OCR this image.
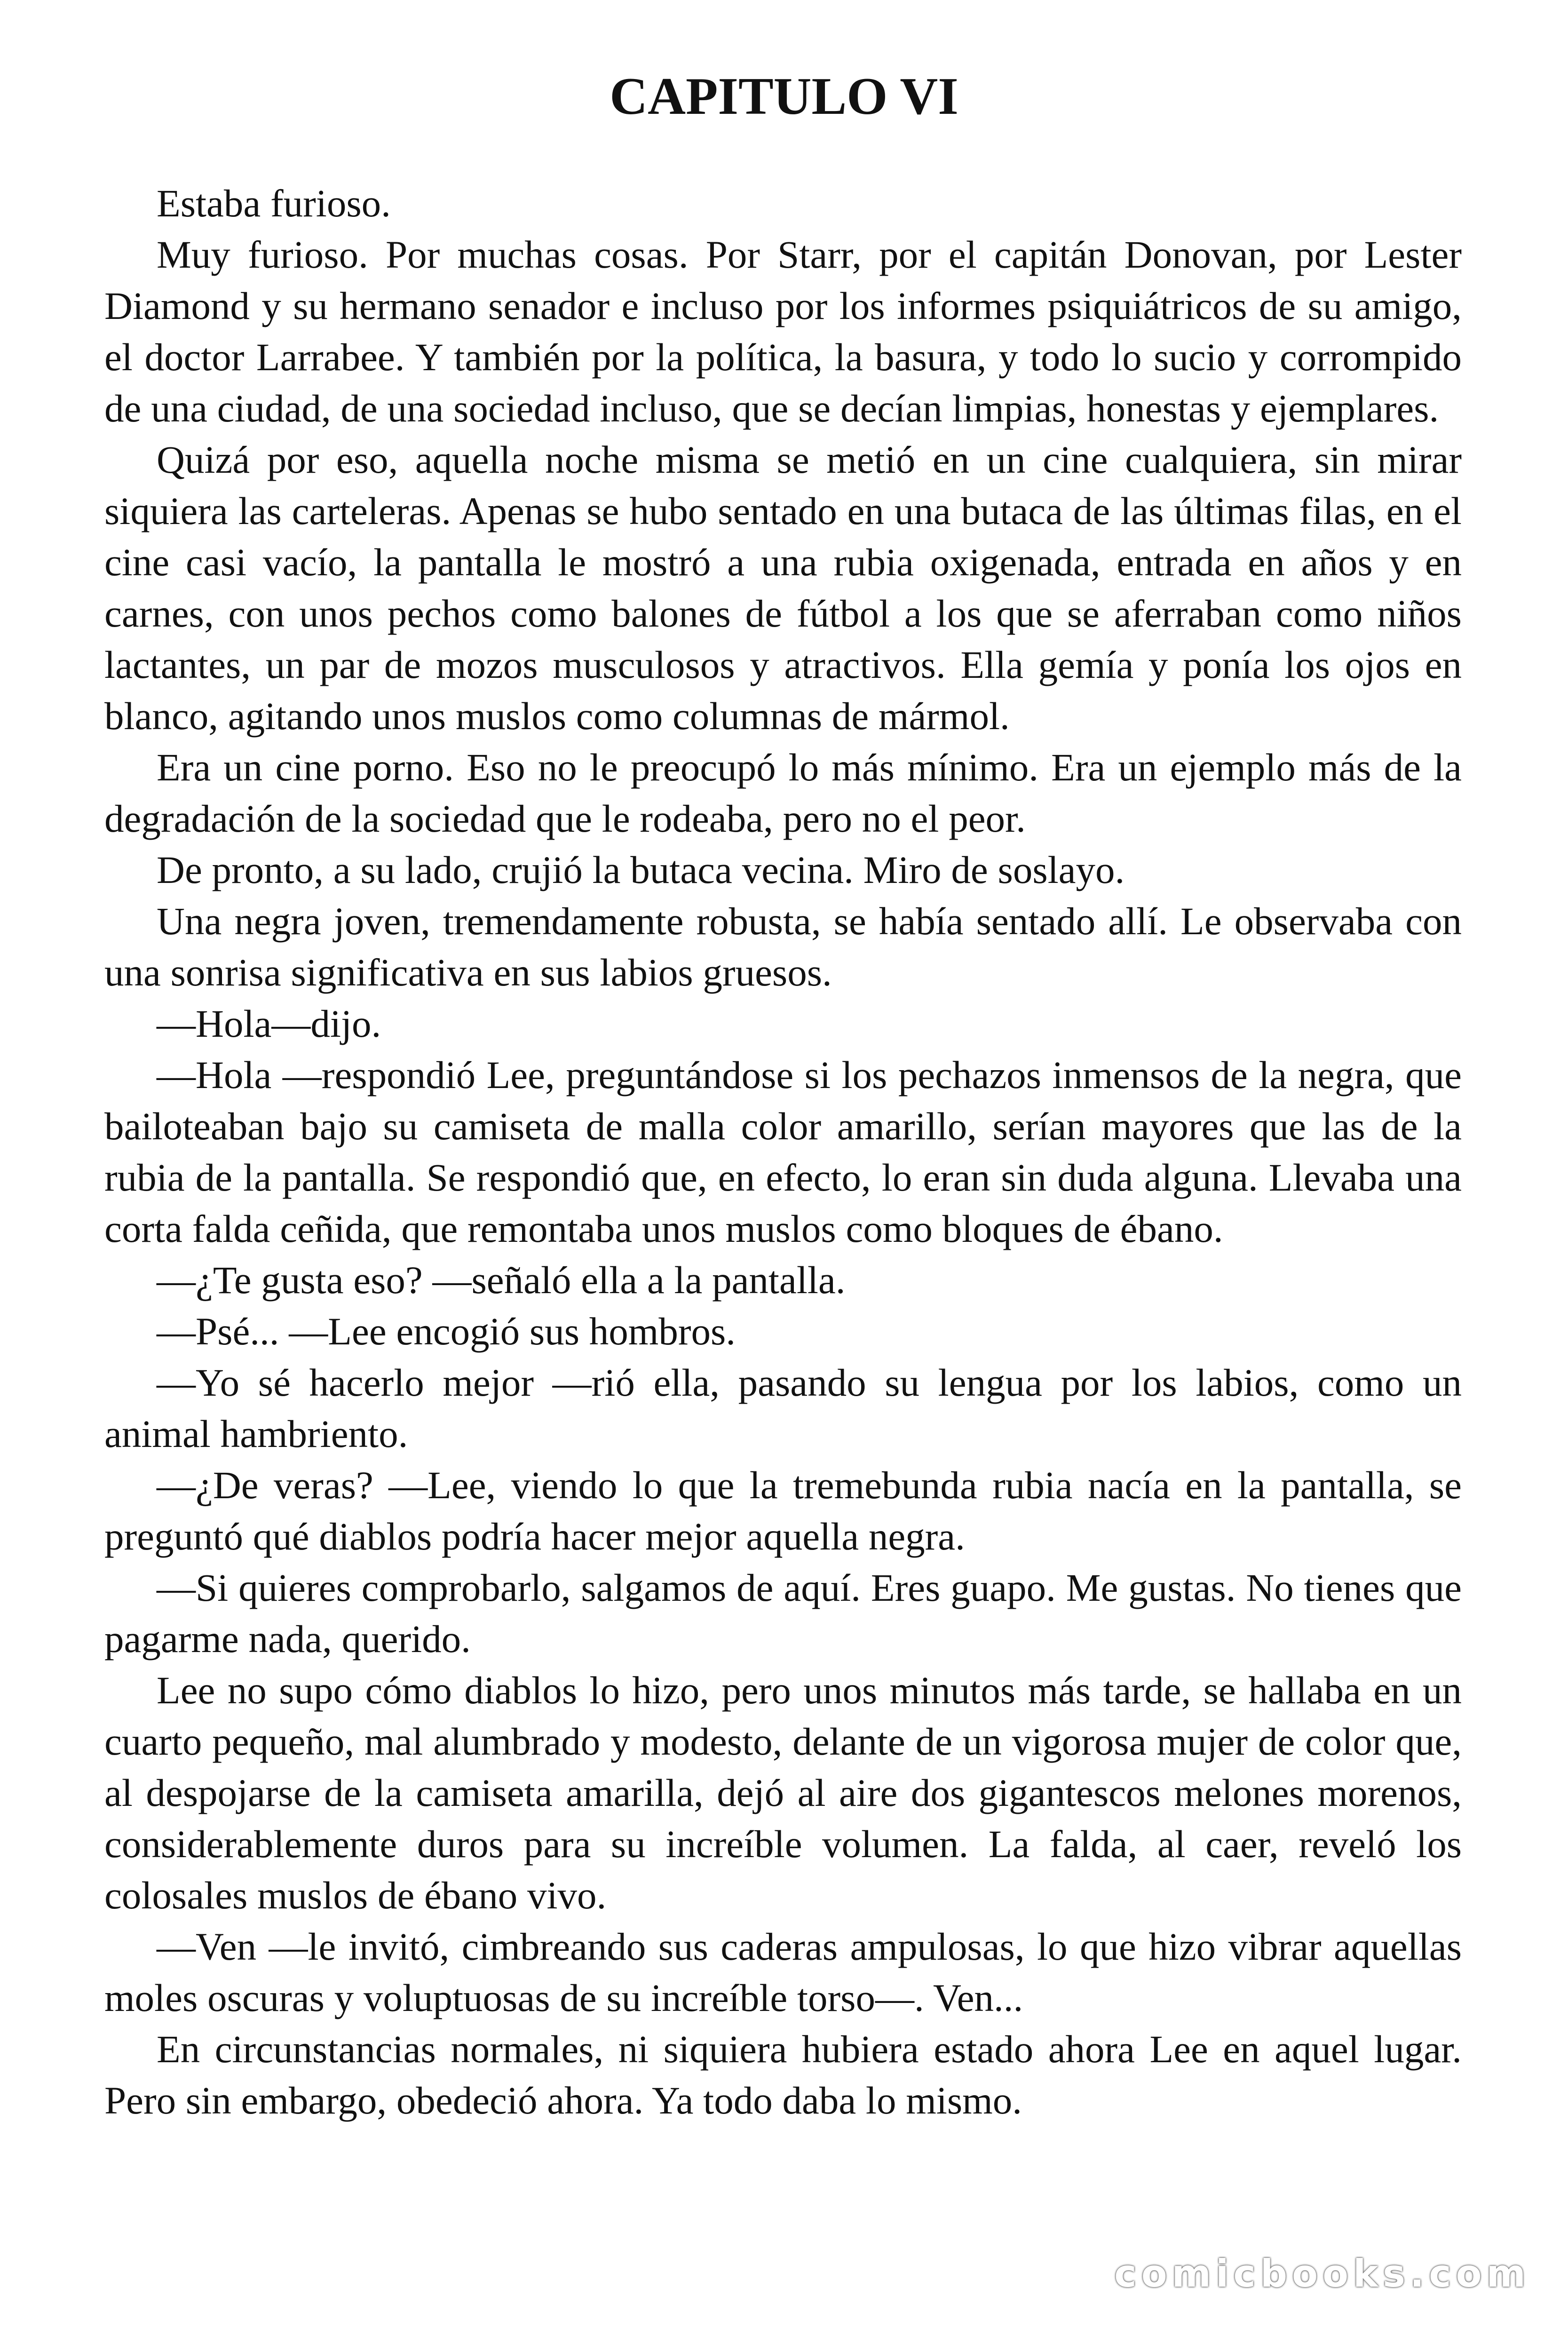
CAPITULO VI

Estaba furioso.

Muy furioso. Por muchas cosas. Por Starr, por el capitán Donovan, por Lester Diamond y su hermano senador e incluso por los informes psiquiátricos de su amigo, el doctor Larrabee. Y también por la política, la basura, y todo lo sucio y corrompido de una ciudad, de una sociedad incluso, que se decían limpias, honestas y ejemplares.

Quizá por eso, aquella noche misma se metió en un cine cualquiera, sin mirar siquiera las carteleras. Apenas se hubo sentado en una butaca de las últimas filas, en el cine casi vacío, la pantalla le mostró a una rubia oxigenada, entrada en años y en carnes, con unos pechos como balones de fútbol a los que se aferraban como niños lactantes, un par de mozos musculosos y atractivos. Ella gemía y ponía los ojos en blanco, agitando unos muslos como columnas de mármol.

Era un cine porno. Eso no le preocupó lo más mínimo. Era un ejemplo más de la degradación de la sociedad que le rodeaba, pero no el peor.

De pronto, a su lado, crujió la butaca vecina. Miro de soslayo.

Una negra joven, tremendamente robusta, se había sentado allí. Le observaba con una sonrisa significativa en sus labios gruesos.

—Hola—dijo.

—Hola —respondió Lee, preguntándose si los pechazos inmensos de la negra, que bailoteaban bajo su camiseta de malla color amarillo, serían mayores que las de la rubia de la pantalla. Se respondió que, en efecto, lo eran sin duda alguna. Llevaba una corta falda ceñida, que remontaba unos muslos como bloques de ébano.

—¿Te gusta eso? —señaló ella a la pantalla.

—Psé... —Lee encogió sus hombros.

—Yo sé hacerlo mejor —rió ella, pasando su lengua por los labios, como un animal hambriento.

—¿De veras? —Lee, viendo lo que la tremebunda rubia nacía en la pantalla, se preguntó qué diablos podría hacer mejor aquella negra.

—Si quieres comprobarlo, salgamos de aquí. Eres guapo. Me gustas. No tienes que pagarme nada, querido.

Lee no supo cómo diablos lo hizo, pero unos minutos más tarde, se hallaba en un cuarto pequeño, mal alumbrado y modesto, delante de un vigorosa mujer de color que, al despojarse de la camiseta amarilla, dejó al aire dos gigantescos melones morenos, considerablemente duros para su increíble volumen. La falda, al caer, reveló los colosales muslos de ébano vivo.

—Ven —le invitó, cimbreando sus caderas ampulosas, lo que hizo vibrar aquellas moles oscuras y voluptuosas de su increíble torso—. Ven...

En circunstancias normales, ni siquiera hubiera estado ahora Lee en aquel lugar. Pero sin embargo, obedeció ahora. Ya todo daba lo mismo.

comicbooks.com
